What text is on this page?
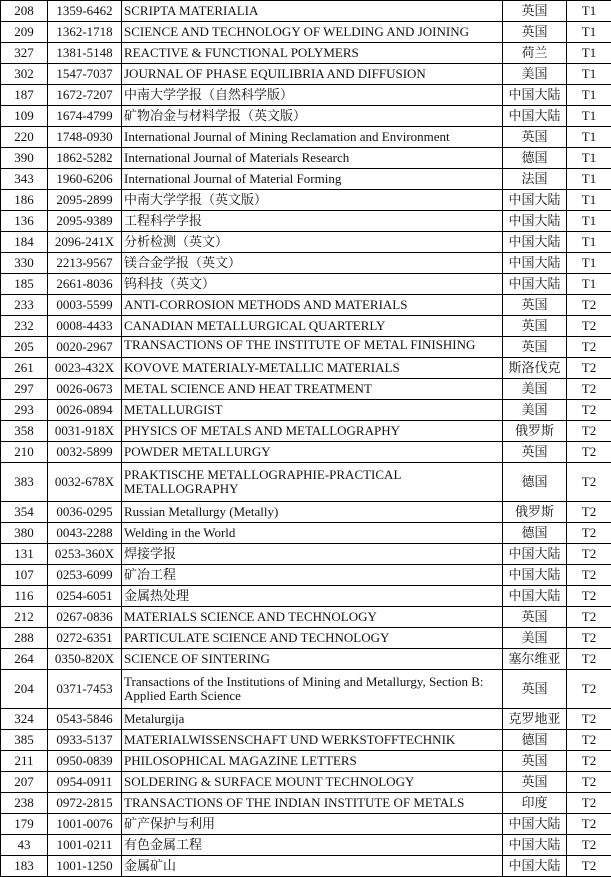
208	1359-6462	SCRIPTA MATERIALIA	英国	T1
209	1362-1718	SCIENCE AND TECHNOLOGY OF WELDING AND JOINING	英国	T1
327	1381-5148	REACTIVE & FUNCTIONAL POLYMERS	荷兰	T1
302	1547-7037	JOURNAL OF PHASE EQUILIBRIA AND DIFFUSION	美国	T1
187	1672-7207	中南大学学报（自然科学版）	中国大陆	T1
109	1674-4799	矿物冶金与材料学报（英文版）	中国大陆	T1
220	1748-0930	International Journal of Mining Reclamation and Environment	英国	T1
390	1862-5282	International Journal of Materials Research	德国	T1
343	1960-6206	International Journal of Material Forming	法国	T1
186	2095-2899	中南大学学报（英文版）	中国大陆	T1
136	2095-9389	工程科学学报	中国大陆	T1
184	2096-241X	分析检测（英文）	中国大陆	T1
330	2213-9567	镁合金学报（英文）	中国大陆	T1
185	2661-8036	钨科技（英文）	中国大陆	T1
233	0003-5599	ANTI-CORROSION METHODS AND MATERIALS	英国	T2
232	0008-4433	CANADIAN METALLURGICAL QUARTERLY	英国	T2
205	0020-2967	TRANSACTIONS OF THE INSTITUTE OF METAL FINISHING	英国	T2
261	0023-432X	KOVOVE MATERIALY-METALLIC MATERIALS	斯洛伐克	T2
297	0026-0673	METAL SCIENCE AND HEAT TREATMENT	美国	T2
293	0026-0894	METALLURGIST	美国	T2
358	0031-918X	PHYSICS OF METALS AND METALLOGRAPHY	俄罗斯	T2
210	0032-5899	POWDER METALLURGY	英国	T2
383	0032-678X	PRAKTISCHE METALLOGRAPHIE-PRACTICAL METALLOGRAPHY	德国	T2
354	0036-0295	Russian Metallurgy (Metally)	俄罗斯	T2
380	0043-2288	Welding in the World	德国	T2
131	0253-360X	焊接学报	中国大陆	T2
107	0253-6099	矿冶工程	中国大陆	T2
116	0254-6051	金属热处理	中国大陆	T2
212	0267-0836	MATERIALS SCIENCE AND TECHNOLOGY	英国	T2
288	0272-6351	PARTICULATE SCIENCE AND TECHNOLOGY	美国	T2
264	0350-820X	SCIENCE OF SINTERING	塞尔维亚	T2
204	0371-7453	Transactions of the Institutions of Mining and Metallurgy, Section B: Applied Earth Science	英国	T2
324	0543-5846	Metalurgija	克罗地亚	T2
385	0933-5137	MATERIALWISSENSCHAFT UND WERKSTOFFTECHNIK	德国	T2
211	0950-0839	PHILOSOPHICAL MAGAZINE LETTERS	英国	T2
207	0954-0911	SOLDERING & SURFACE MOUNT TECHNOLOGY	英国	T2
238	0972-2815	TRANSACTIONS OF THE INDIAN INSTITUTE OF METALS	印度	T2
179	1001-0076	矿产保护与利用	中国大陆	T2
43	1001-0211	有色金属工程	中国大陆	T2
183	1001-1250	金属矿山	中国大陆	T2
